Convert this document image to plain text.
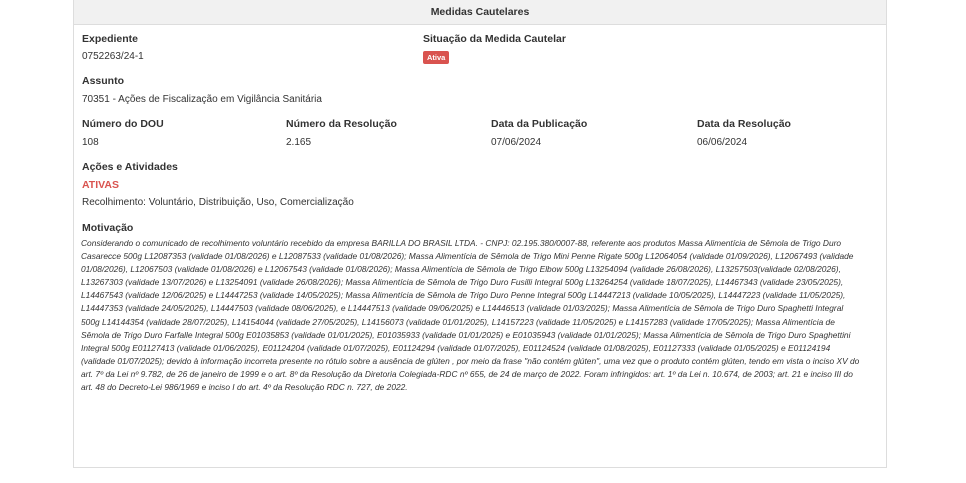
Medidas Cautelares
Expediente
0752263/24-1
Situação da Medida Cautelar
Ativa
Assunto
70351 - Ações de Fiscalização em Vigilância Sanitária
Número do DOU
108
Número da Resolução
2.165
Data da Publicação
07/06/2024
Data da Resolução
06/06/2024
Ações e Atividades
ATIVAS
Recolhimento: Voluntário, Distribuição, Uso, Comercialização
Motivação
Considerando o comunicado de recolhimento voluntário recebido da empresa BARILLA DO BRASIL LTDA. - CNPJ: 02.195.380/0007-88, referente aos produtos Massa Alimentícia de Sêmola de Trigo Duro Casarecce 500g L12087353 (validade 01/08/2026) e L12087533 (validade 01/08/2026); Massa Alimentícia de Sêmola de Trigo Mini Penne Rigate 500g L12064054 (validade 01/09/2026), L12067493 (validade 01/08/2026), L12067503 (validade 01/08/2026) e L12067543 (validade 01/08/2026); Massa Alimentícia de Sêmola de Trigo Elbow 500g L13254094 (validade 26/08/2026), L13257503(validade 02/08/2026), L13267303 (validade 13/07/2026) e L13254091 (validade 26/08/2026); Massa Alimentícia de Sêmola de Trigo Duro Fusilli Integral 500g L13264254 (validade 18/07/2025), L14467343 (validade 23/05/2025), L14467543 (validade 12/06/2025) e L14447253 (validade 14/05/2025); Massa Alimentícia de Sêmola de Trigo Duro Penne Integral 500g L14447213 (validade 10/05/2025), L14447223 (validade 11/05/2025), L14447353 (validade 24/05/2025), L14447503 (validade 08/06/2025), e L14447513 (validade 09/06/2025) e L14446513 (validade 01/03/2025); Massa Alimentícia de Sêmola de Trigo Duro Spaghetti Integral 500g L14144354 (validade 28/07/2025), L14154044 (validade 27/05/2025), L14156073 (validade 01/01/2025), L14157223 (validade 11/05/2025) e L14157283 (validade 17/05/2025); Massa Alimentícia de Sêmola de Trigo Duro Farfalle Integral 500g E01035853 (validade 01/01/2025), E01035933 (validade 01/01/2025) e E01035943 (validade 01/01/2025); Massa Alimentícia de Sêmola de Trigo Duro Spaghettini Integral 500g E01127413 (validade 01/06/2025), E01124204 (validade 01/07/2025), E01124294 (validade 01/07/2025), E01124524 (validade 01/08/2025), E01127333 (validade 01/05/2025) e E01124194 (validade 01/07/2025); devido à informação incorreta presente no rótulo sobre a ausência de glúten , por meio da frase "não contém glúten", uma vez que o produto contém glúten, tendo em vista o inciso XV do art. 7º da Lei nº 9.782, de 26 de janeiro de 1999 e o art. 8º da Resolução da Diretoria Colegiada-RDC nº 655, de 24 de março de 2022. Foram infringidos: art. 1º da Lei n. 10.674, de 2003; art. 21 e inciso III do art. 48 do Decreto-Lei 986/1969 e inciso I do art. 4º da Resolução RDC n. 727, de 2022.
